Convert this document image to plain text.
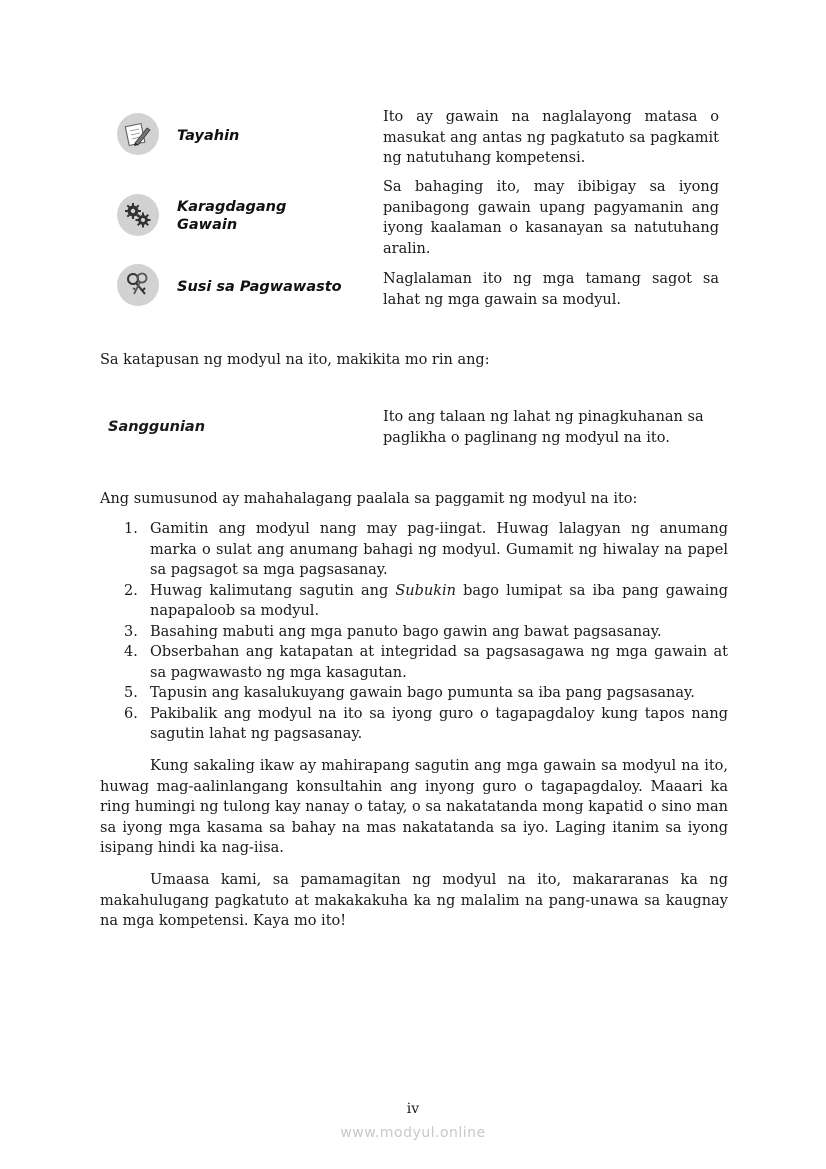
Tayahin
Ito ay gawain na naglalayong matasa o masukat ang antas ng pagkatuto sa pagkamit ng natutuhang kompetensi.
Karagdagang Gawain
Sa bahaging ito, may ibibigay sa iyong panibagong gawain upang pagyamanin ang iyong kaalaman o kasanayan sa natutuhang aralin.
Susi sa Pagwawasto	Naglalaman ito ng mga tamang sagot sa lahat ng mga gawain sa modyul.
Sa katapusan ng modyul na ito, makikita mo rin ang:
Sanggunian
Ito ang talaan ng lahat ng pinagkuhanan sa paglikha o paglinang ng modyul na ito.
Ang sumusunod ay mahahalagang paalala sa paggamit ng modyul na ito:
1. Gamitin ang modyul nang may pag-iingat. Huwag lalagyan ng anumang marka o sulat ang anumang bahagi ng modyul. Gumamit ng hiwalay na papel sa pagsagot sa mga pagsasanay.
2. Huwag kalimutang sagutin ang Subukin bago lumipat sa iba pang gawaing napapaloob sa modyul.
3. Basahing mabuti ang mga panuto bago gawin ang bawat pagsasanay.
4. Obserbahan ang katapatan at integridad sa pagsasagawa ng mga gawain at sa pagwawasto ng mga kasagutan.
5. Tapusin ang kasalukuyang gawain bago pumunta sa iba pang pagsasanay.
6. Pakibalik ang modyul na ito sa iyong guro o tagapagdaloy kung tapos nang sagutin lahat ng pagsasanay.
Kung sakaling ikaw ay mahirapang sagutin ang mga gawain sa modyul na ito, huwag mag-aalinlangang konsultahin ang inyong guro o tagapagdaloy. Maaari ka ring humingi ng tulong kay nanay o tatay, o sa nakatatanda mong kapatid o sino man sa iyong mga kasama sa bahay na mas nakatatanda sa iyo. Laging itanim sa iyong isipang hindi ka nag-iisa.
Umaasa kami, sa pamamagitan ng modyul na ito, makararanas ka ng makahulugang pagkatuto at makakakuha ka ng malalim na pang-unawa sa kaugnay na mga kompetensi. Kaya mo ito!
iv
www.modyul.online
